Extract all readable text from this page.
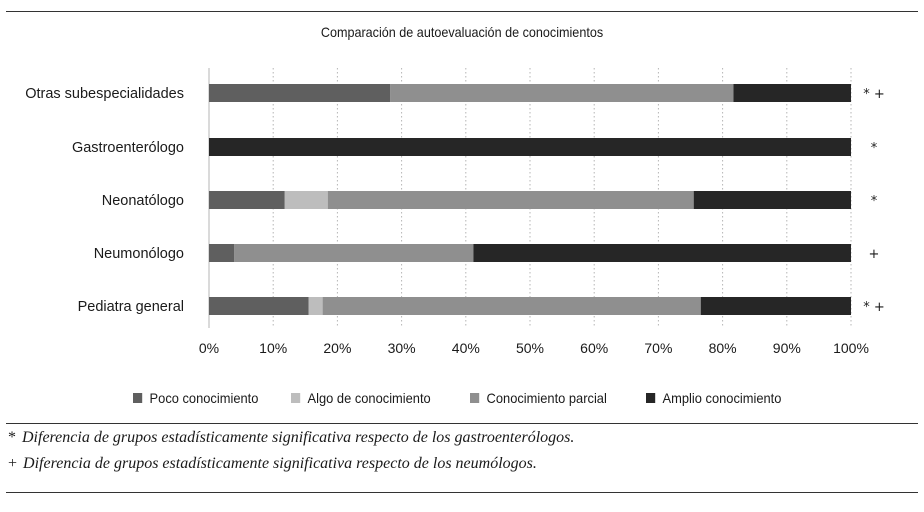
Comparación de autoevaluación de conocimientos
0%	10%	20%	30%	40%	50%	60%	70%	80%	90% 100%
Otras subespecialidades	* +
Gastroenterólogo	*
Neonatólogo	*
Neumonólogo	+
Pediatra general	* +
Poco conocimiento	Algo de conocimiento	Conocimiento parcial	Amplio conocimiento
* Diferencia de grupos estadísticamente significativa respecto de los gastroenterólogos.
+ Diferencia de grupos estadísticamente significativa respecto de los neumólogos.
